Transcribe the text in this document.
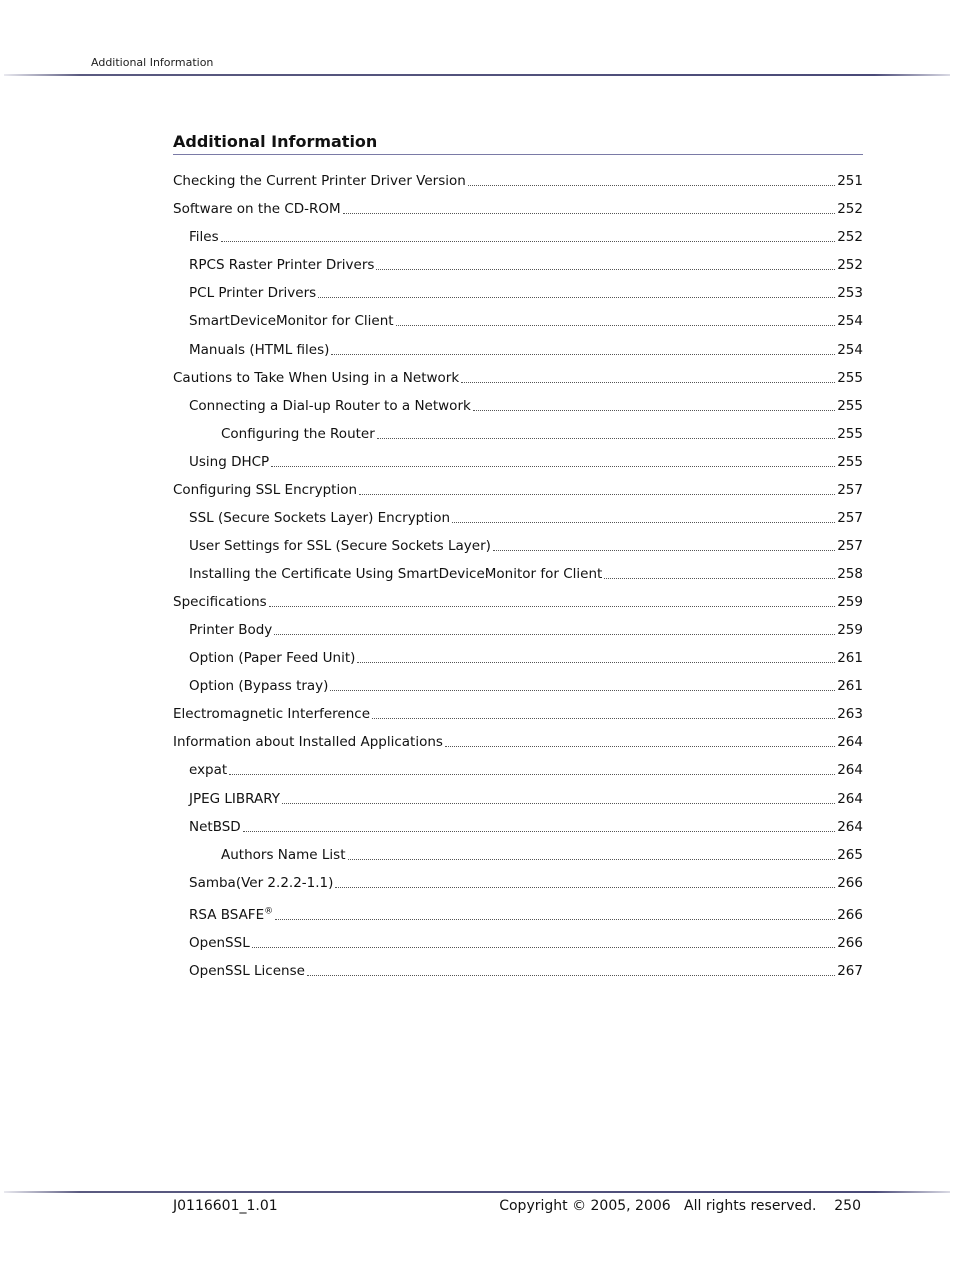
Additional Information
Additional Information
Checking the Current Printer Driver Version	251
Software on the CD-ROM	252
Files	252
RPCS Raster Printer Drivers	252
PCL Printer Drivers	253
SmartDeviceMonitor for Client	254
Manuals (HTML files)	254
Cautions to Take When Using in a Network	255
Connecting a Dial-up Router to a Network	255
Configuring the Router	255
Using DHCP	255
Configuring SSL Encryption	257
SSL (Secure Sockets Layer) Encryption	257
User Settings for SSL (Secure Sockets Layer)	257
Installing the Certificate Using SmartDeviceMonitor for Client	258
Specifications	259
Printer Body	259
Option (Paper Feed Unit)	261
Option (Bypass tray)	261
Electromagnetic Interference	263
Information about Installed Applications	264
expat	264
JPEG LIBRARY	264
NetBSD	264
Authors Name List	265
Samba(Ver 2.2.2-1.1)	266
RSA BSAFE®	266
OpenSSL	266
OpenSSL License	267
J0116601_1.01	Copyright © 2005, 2006   All rights reserved. 250
